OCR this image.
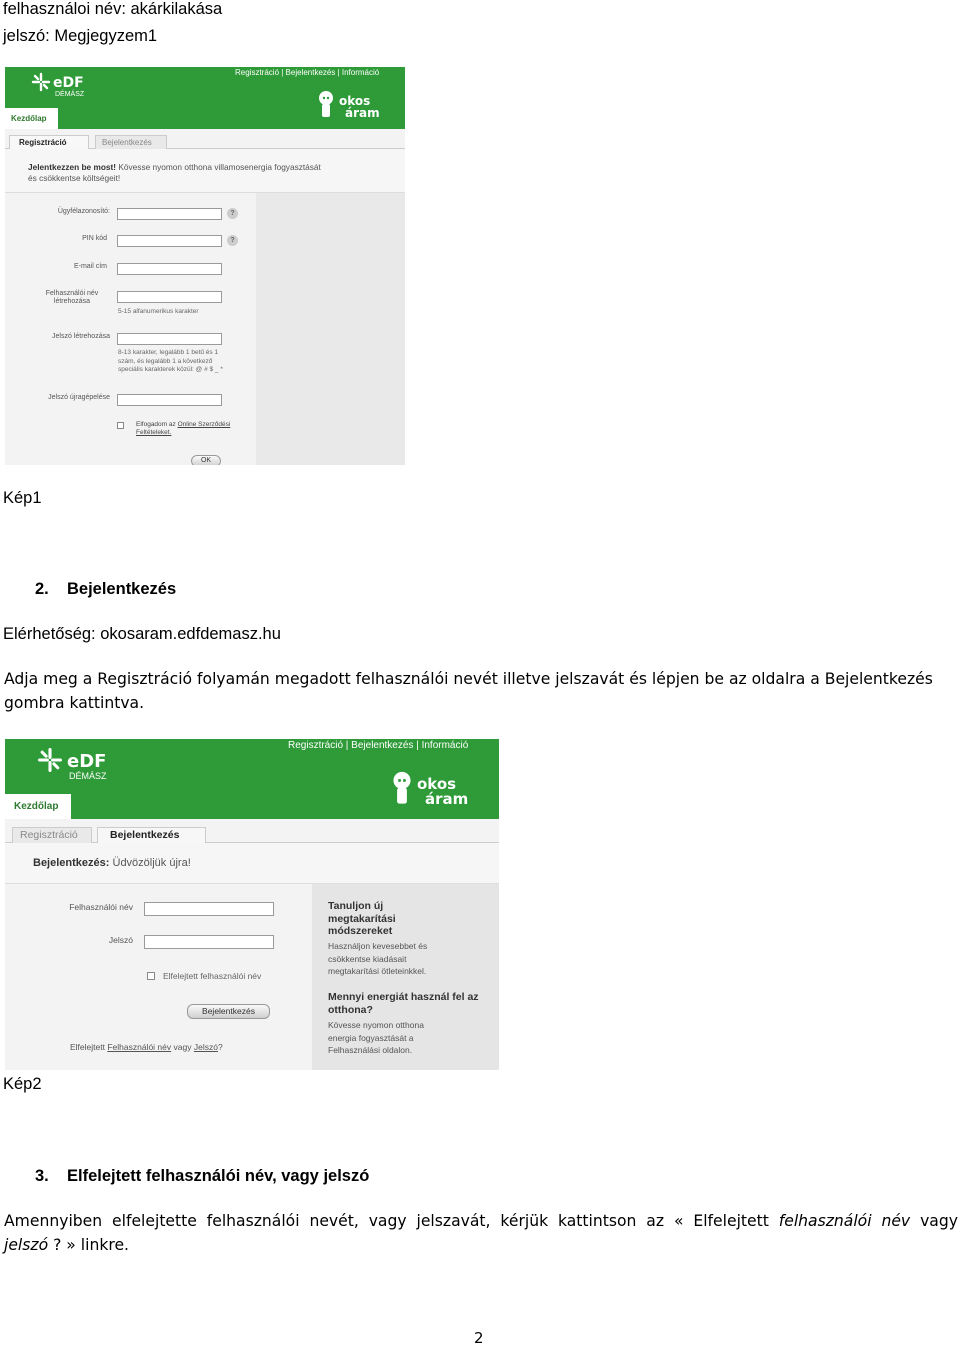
felhasználoi név: akárkilakása
jelszó: Megjegyzem1
Regisztráció | Bejelentkezés | Információ
eDF
DÉMÁSZ	okos
áram
Kezdőlap
Regisztráció	Bejelentkezés
Jelentkezzen be most! Kövesse nyomon otthona villamosenergia fogyasztását és csökkentse költségeit!
Ügyfélazonosító:	?
PIN kód	?
E-mail cím
Felhasználói név létrehozása
5-15 alfanumerikus karakter
Jelszó létrehozása
8-13 karakter, legalább 1 betű és 1 szám, és legalább 1 a következő speciális karakterek közül: @ # $ _ *
Jelszó újragépelése
Elfogadom az Online Szerződési Feltételeket.
OK
Kép1
2. Bejelentkezés
Elérhetőség: okosaram.edfdemasz.hu
Adja meg a Regisztráció folyamán megadott felhasználói nevét illetve jelszavát és lépjen be az oldalra a Bejelentkezés gombra kattintva.
Regisztráció | Bejelentkezés | Információ
eDF
DÉMÁSZ	okos
áram
Kezdőlap
Regisztráció	Bejelentkezés
Bejelentkezés: Üdvözöljük újra!
Felhasználói név
Jelszó
Elfelejtett felhasználói név
Bejelentkezés
Elfelejtett Felhasználói név vagy Jelszó?
Tanuljon új megtakarítási módszereket
Használjon kevesebbet és csökkentse kiadásait megtakarítási ötleteinkkel.
Mennyi energiát használ fel az otthona?
Kövesse nyomon otthona energia fogyasztását a Felhasználási oldalon.
Kép2
3. Elfelejtett felhasználói név, vagy jelszó
Amennyiben elfelejtette felhasználói nevét, vagy jelszavát, kérjük kattintson az « Elfelejtett felhasználói név vagy
jelszó ? » linkre.
2
